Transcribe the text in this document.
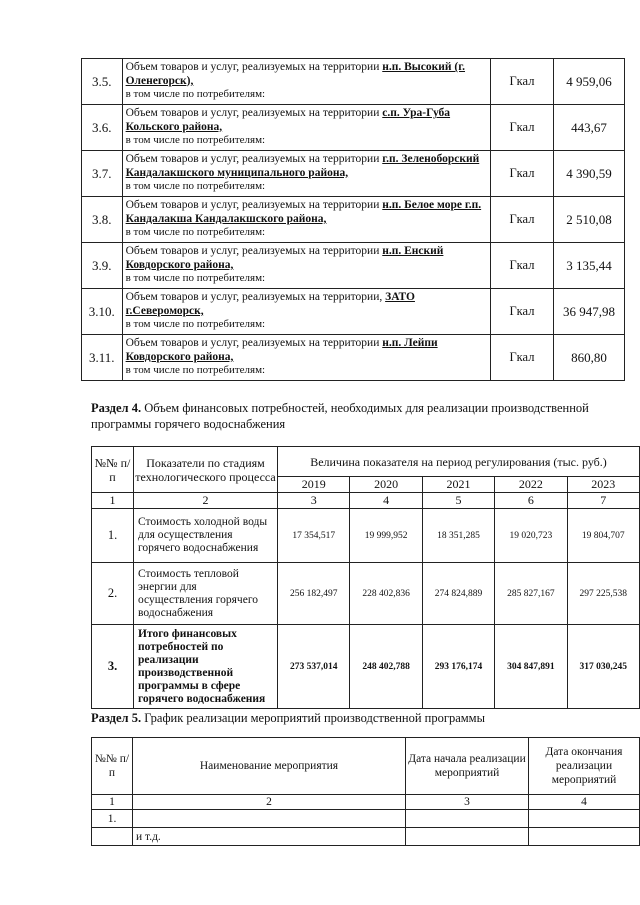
3.5.	Объем товаров и услуг, реализуемых на территории н.п. Высокий (г. Оленегорск),
в том числе по потребителям:	Гкал	4 959,06
3.6.	Объем товаров и услуг, реализуемых на территории с.п. Ура-Губа Кольского района,
в том числе по потребителям:	Гкал	443,67
3.7.	Объем товаров и услуг, реализуемых на территории г.п. Зеленоборский Кандалакшского муниципального района,
в том числе по потребителям:	Гкал	4 390,59
3.8.	Объем товаров и услуг, реализуемых на территории н.п. Белое море г.п. Кандалакша Кандалакшского района,
в том числе по потребителям:	Гкал	2 510,08
3.9.	Объем товаров и услуг, реализуемых на территории н.п. Енский Ковдорского района,
в том числе по потребителям:	Гкал	3 135,44
3.10.	Объем товаров и услуг, реализуемых на территории, ЗАТО г.Североморск,
в том числе по потребителям:	Гкал	36 947,98
3.11.	Объем товаров и услуг, реализуемых на территории н.п. Лейпи Ковдорского района,
в том числе по потребителям:	Гкал	860,80
Раздел 4. Объем финансовых потребностей, необходимых для реализации производственной программы горячего водоснабжения
№№ п/п	Показатели по стадиям технологического процесса	Величина показателя на период регулирования (тыс. руб.)				
		2019	2020	2021	2022	2023
1	2	3	4	5	6	7
1.	Стоимость холодной воды для осуществления горячего водоснабжения	17 354,517	19 999,952	18 351,285	19 020,723	19 804,707
2.	Стоимость тепловой энергии для осуществления горячего водоснабжения	256 182,497	228 402,836	274 824,889	285 827,167	297 225,538
3.	Итого финансовых потребностей по реализации производственной программы в сфере горячего водоснабжения	273 537,014	248 402,788	293 176,174	304 847,891	317 030,245
Раздел 5. График реализации мероприятий производственной программы
№№ п/п	Наименование мероприятия	Дата начала реализации мероприятий	Дата окончания реализации мероприятий
1	2	3	4
1.			
	и т.д.		
